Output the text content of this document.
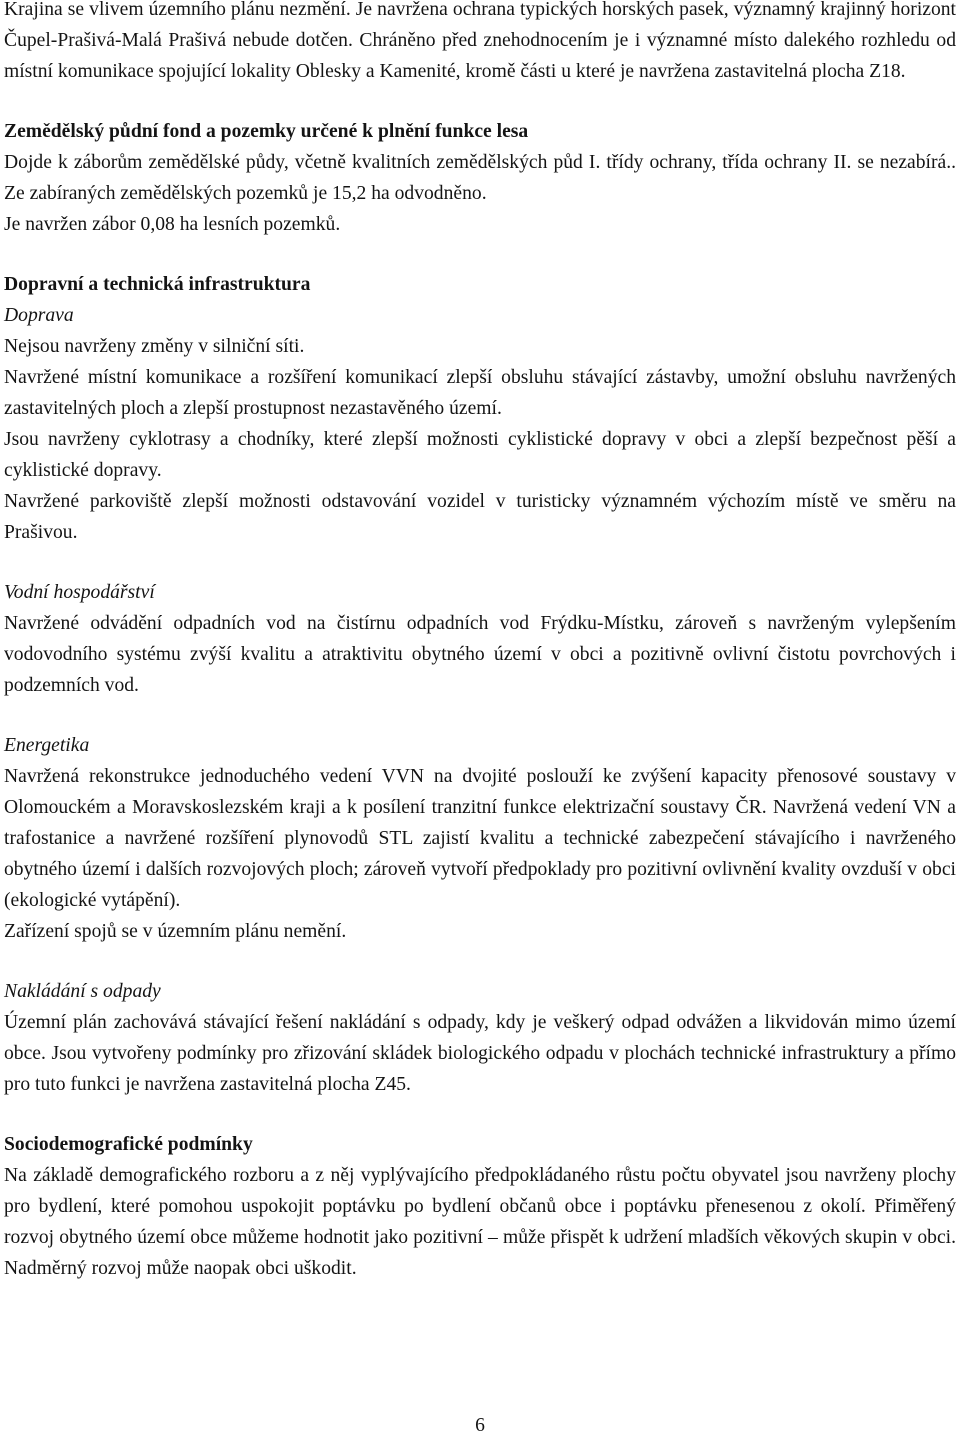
Krajina se vlivem územního plánu nezmění. Je navržena ochrana typických horských pasek, významný krajinný horizont Čupel-Prašivá-Malá Prašivá nebude dotčen. Chráněno před znehodnocením je i významné místo dalekého rozhledu od místní komunikace spojující lokality Oblesky a Kamenité, kromě části u které je navržena zastavitelná plocha Z18.

Zemědělský půdní fond a pozemky určené k plnění funkce lesa

Dojde k záborům zemědělské půdy, včetně kvalitních zemědělských půd I. třídy ochrany, třída ochrany II. se nezabírá.. Ze zabíraných zemědělských pozemků je 15,2 ha odvodněno.

Je navržen zábor 0,08 ha lesních pozemků.

Dopravní a technická infrastruktura
Doprava

Nejsou navrženy změny v silniční síti.

Navržené místní komunikace a rozšíření komunikací zlepší obsluhu stávající zástavby, umožní obsluhu navržených zastavitelných ploch a zlepší prostupnost nezastavěného území.

Jsou navrženy cyklotrasy a chodníky, které zlepší možnosti cyklistické dopravy v obci a zlepší bezpečnost pěší a cyklistické dopravy.

Navržené parkoviště zlepší možnosti odstavování vozidel v turisticky významném výchozím místě ve směru na Prašivou.

Vodní hospodářství

Navržené odvádění odpadních vod na čistírnu odpadních vod Frýdku-Místku, zároveň s navrženým vylepšením vodovodního systému zvýší kvalitu a atraktivitu obytného území v obci a pozitivně ovlivní čistotu povrchových i podzemních vod.

Energetika

Navržená rekonstrukce jednoduchého vedení VVN na dvojité poslouží ke zvýšení kapacity přenosové soustavy v Olomouckém a Moravskoslezském kraji a k posílení tranzitní funkce elektrizační soustavy ČR. Navržená vedení VN a trafostanice a navržené rozšíření plynovodů STL zajistí kvalitu a technické zabezpečení stávajícího i navrženého obytného území i dalších rozvojových ploch; zároveň vytvoří předpoklady pro pozitivní ovlivnění kvality ovzduší v obci (ekologické vytápění).

Zařízení spojů se v územním plánu nemění.

Nakládání s odpady

Územní plán zachovává stávající řešení nakládání s odpady, kdy je veškerý odpad odvážen a likvidován mimo území obce. Jsou vytvořeny podmínky pro zřizování skládek biologického odpadu v plochách technické infrastruktury a přímo pro tuto funkci je navržena zastavitelná plocha Z45.

Sociodemografické podmínky

Na základě demografického rozboru a z něj vyplývajícího předpokládaného růstu počtu obyvatel jsou navrženy plochy pro bydlení, které pomohou uspokojit poptávku po bydlení občanů obce i poptávku přenesenou z okolí. Přiměřený rozvoj obytného území obce můžeme hodnotit jako pozitivní – může přispět k udržení mladších věkových skupin v obci. Nadměrný rozvoj může naopak obci uškodit.

6
